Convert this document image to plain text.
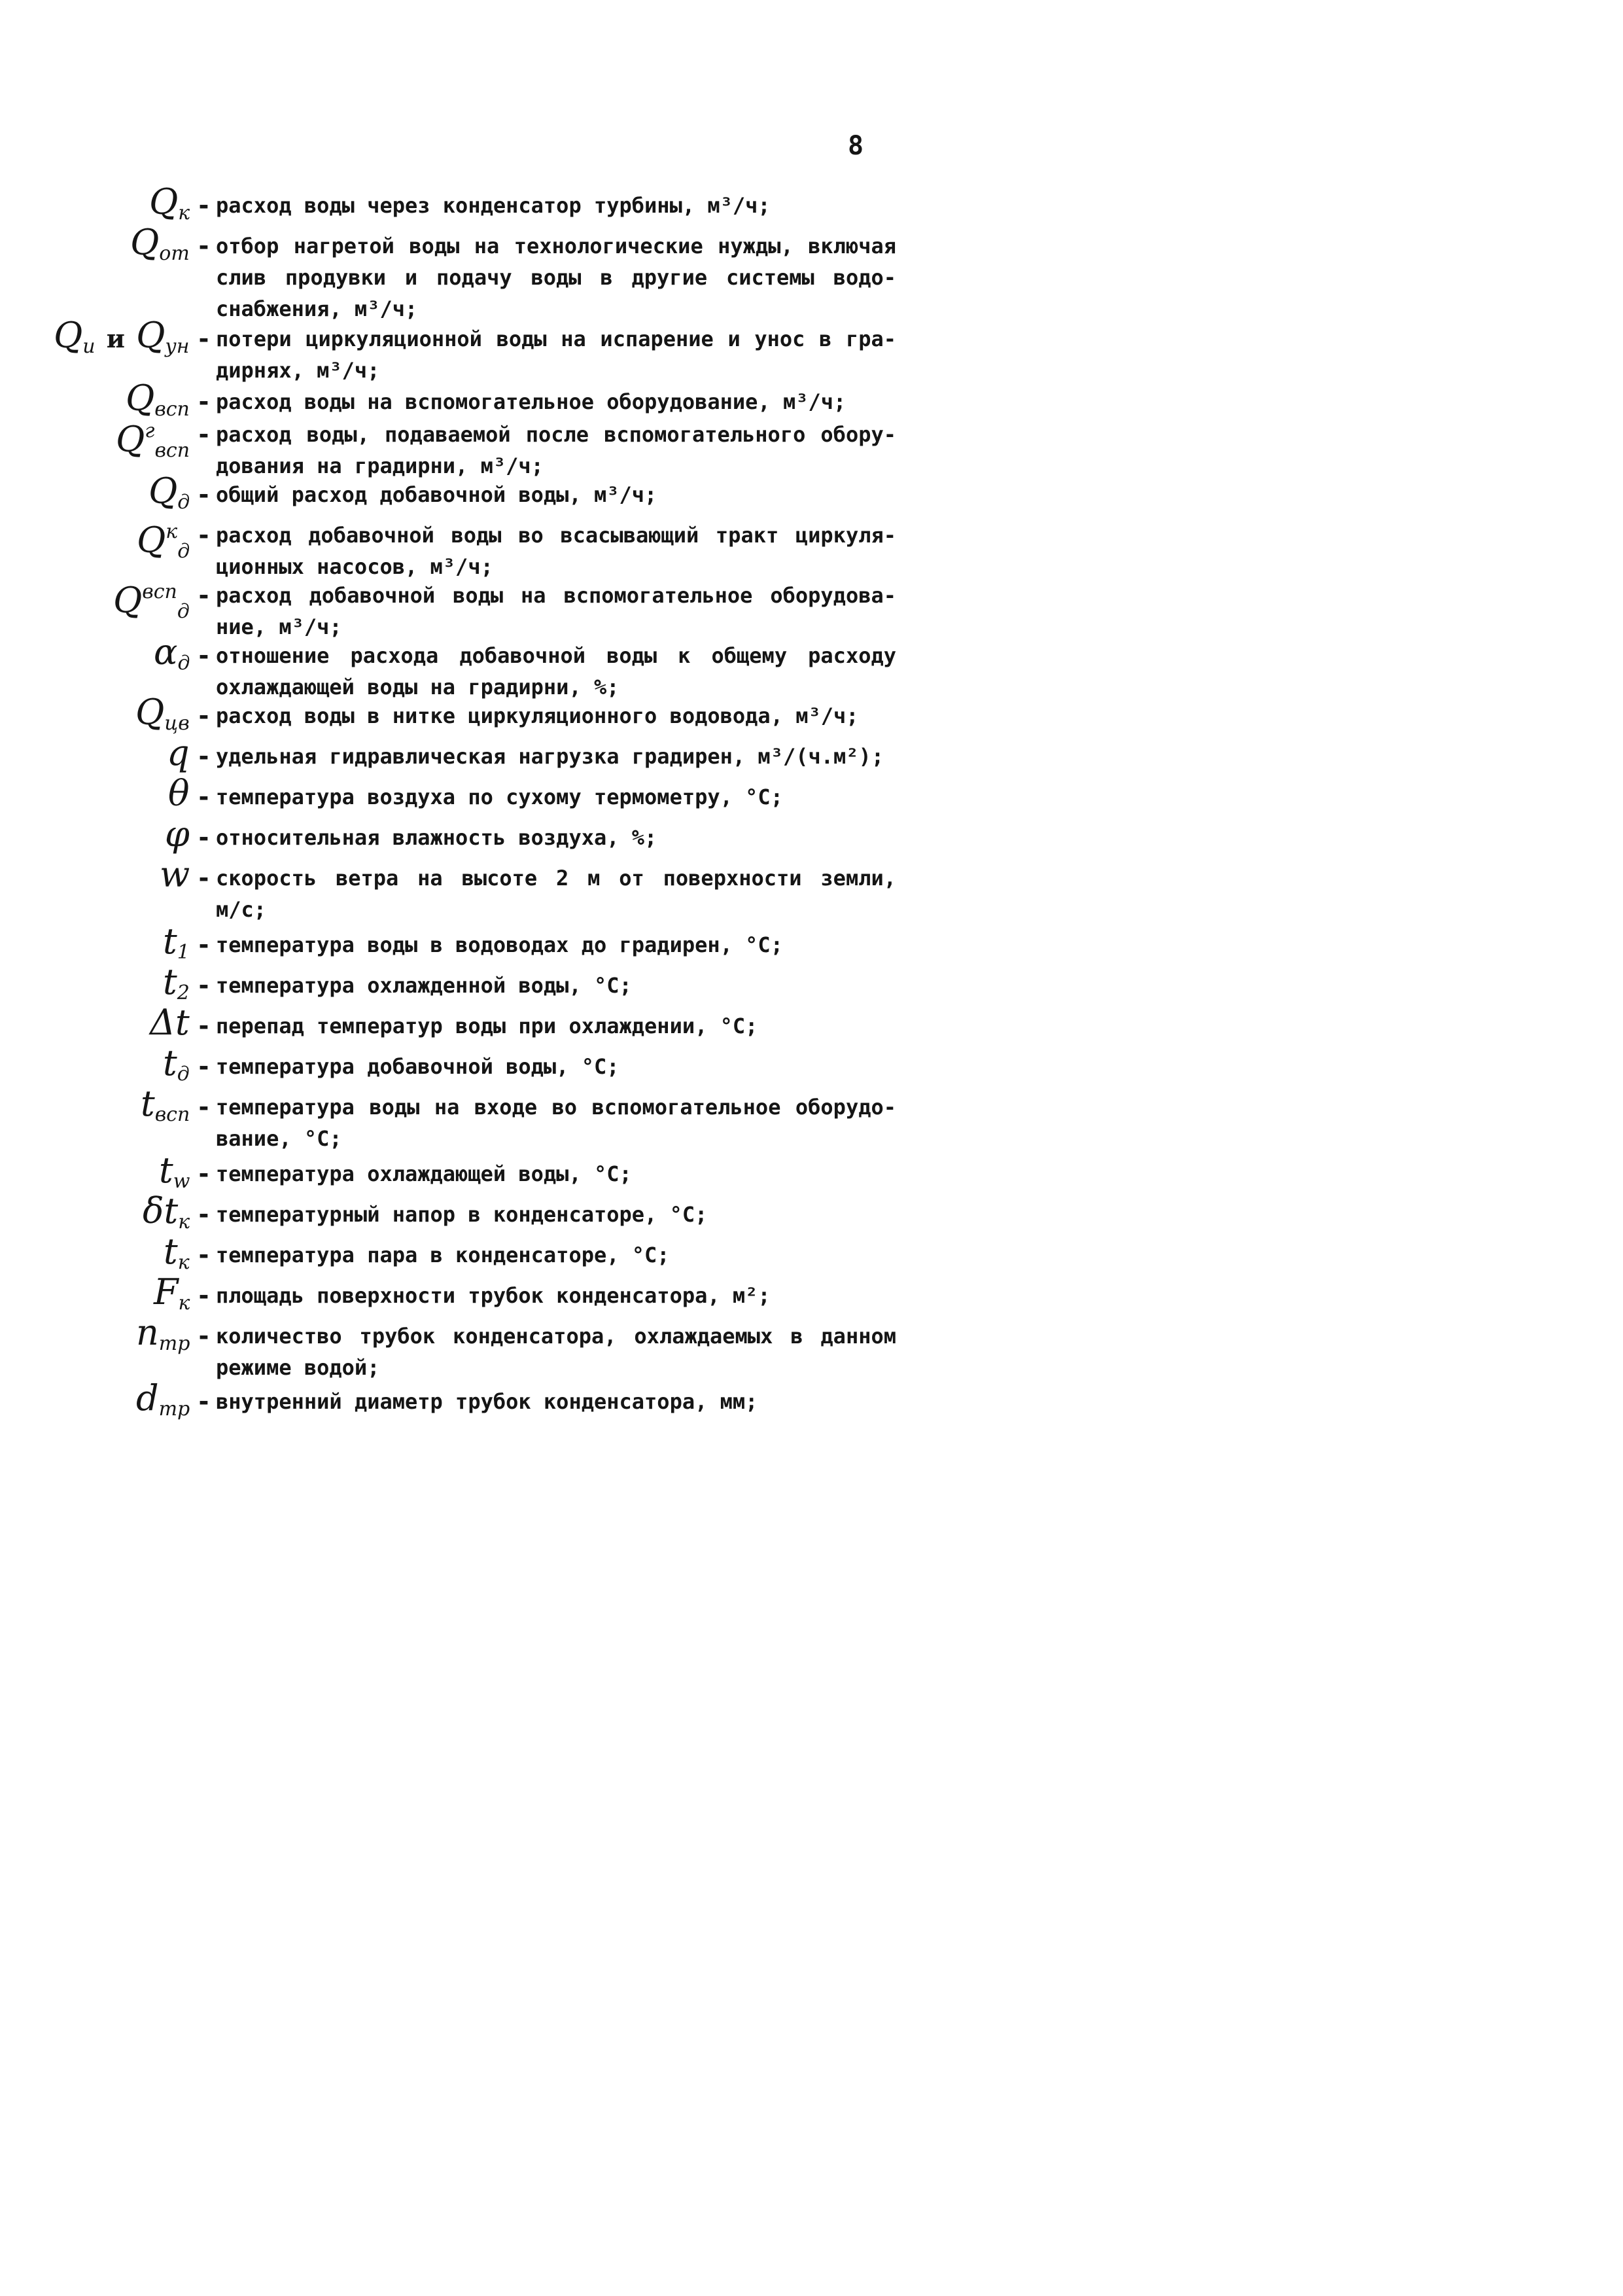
8
$Q_к$ - расход воды через конденсатор турбины, м³/ч;
$Q_{от}$ - отбор нагретой воды на технологические нужды, включая
слив продувки и подачу воды в другие системы водо-
снабжения, м³/ч;
$Q_и$ и $Q_{ун}$ - потери циркуляционной воды на испарение и унос в гра-
дирнях, м³/ч;
$Q_{всп}$ - расход воды на вспомогательное оборудование, м³/ч;
$Q^г_{всп}$
- расход воды, подаваемой после вспомогательного обору-
дования на градирни, м³/ч;
$Q_д$ - общий расход добавочной воды, м³/ч;
$Q^к_д$
- расход добавочной воды во всасывающий тракт циркуля-
ционных насосов, м³/ч;
$Q^{всп}_д$
- расход добавочной воды на вспомогательное оборудова-
ние, м³/ч;
$\alpha_д$ - отношение расхода добавочной воды к общему расходу
охлаждающей воды на градирни, %;
$Q_{цв}$ - расход воды в нитке циркуляционного водовода, м³/ч;
q - удельная гидравлическая нагрузка градирен, м³/(ч.м²);
θ - температура воздуха по сухому термометру, °С;
φ - относительная влажность воздуха, %;
w - скорость ветра на высоте 2 м от поверхности земли,
м/с;
$t_1$ - температура воды в водоводах до градирен, °С;
$t_2$ - температура охлажденной воды, °С;
Δt - перепад температур воды при охлаждении, °С;
$t_д$ - температура добавочной воды, °С;
$t_{всп}$ - температура воды на входе во вспомогательное оборудо-
вание, °С;
$t_w$ - температура охлаждающей воды, °С;
$\delta t_к$ - температурный напор в конденсаторе, °С;
$t_к$ - температура пара в конденсаторе, °С;
$F_к$ - площадь поверхности трубок конденсатора, м²;
$n_{тр}$ - количество трубок конденсатора, охлаждаемых в данном
режиме водой;
$d_{тр}$ - внутренний диаметр трубок конденсатора, мм;
